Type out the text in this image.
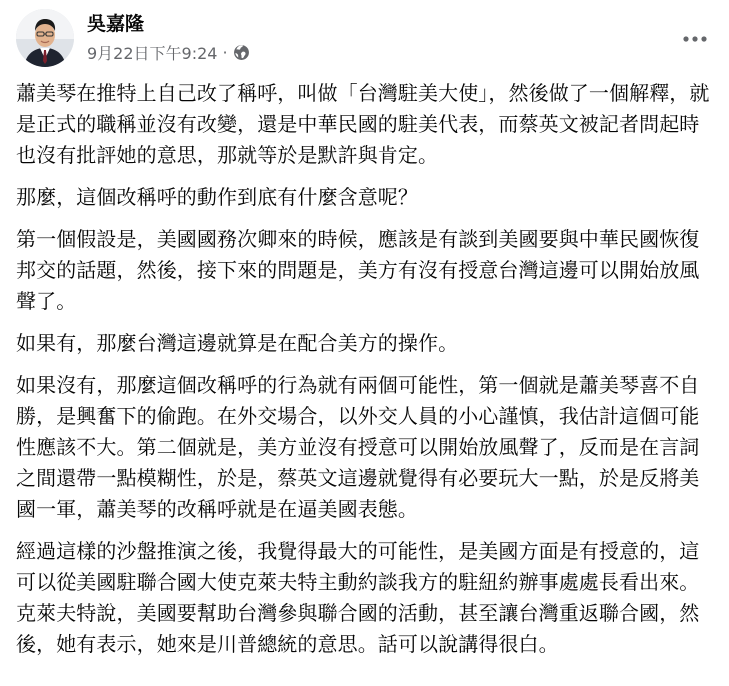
吳嘉隆
9月22日下午9:24 ·

蕭美琴在推特上自己改了稱呼，叫做「台灣駐美大使」，然後做了一個解釋，就是正式的職稱並沒有改變，還是中華民國的駐美代表，而蔡英文被記者問起時也沒有批評她的意思，那就等於是默許與肯定。

那麼，這個改稱呼的動作到底有什麼含意呢？

第一個假設是，美國國務次卿來的時候，應該是有談到美國要與中華民國恢復邦交的話題，然後，接下來的問題是，美方有沒有授意台灣這邊可以開始放風聲了。

如果有，那麼台灣這邊就算是在配合美方的操作。

如果沒有，那麼這個改稱呼的行為就有兩個可能性，第一個就是蕭美琴喜不自勝，是興奮下的偷跑。在外交場合，以外交人員的小心謹慎，我估計這個可能性應該不大。第二個就是，美方並沒有授意可以開始放風聲了，反而是在言詞之間還帶一點模糊性，於是，蔡英文這邊就覺得有必要玩大一點，於是反將美國一軍，蕭美琴的改稱呼就是在逼美國表態。

經過這樣的沙盤推演之後，我覺得最大的可能性，是美國方面是有授意的，這可以從美國駐聯合國大使克萊夫特主動約談我方的駐紐約辦事處處長看出來。克萊夫特說，美國要幫助台灣參與聯合國的活動，甚至讓台灣重返聯合國，然後，她有表示，她來是川普總統的意思。話可以說講得很白。
